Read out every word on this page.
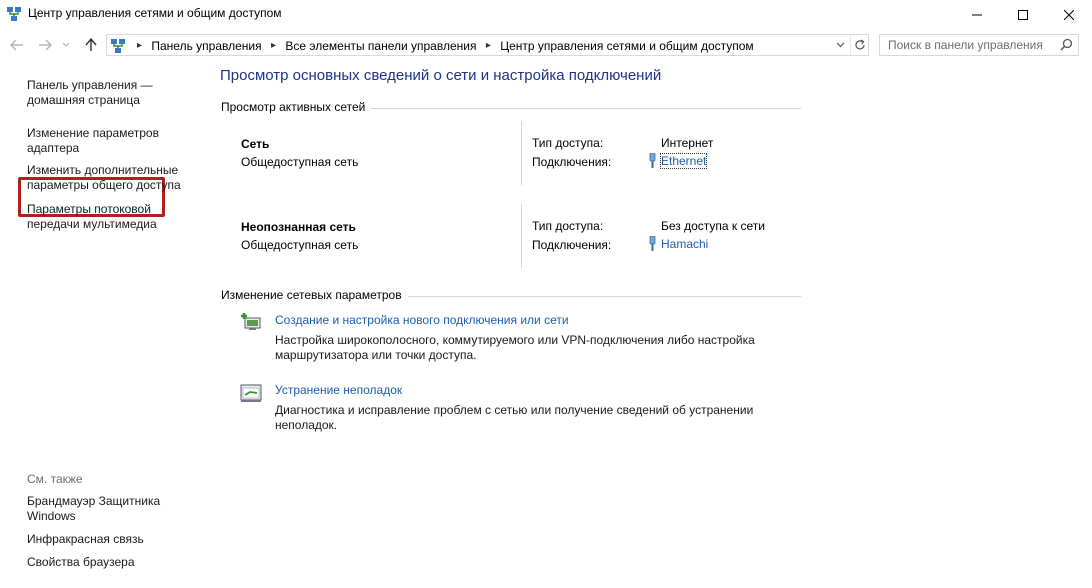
Центр управления сетями и общим доступом
▸ Панель управления ▸ Все элементы панели управления ▸ Центр управления сетями и общим доступом
Поиск в панели управления
Панель управления — домашняя страница
Изменение параметров адаптера
Изменить дополнительные параметры общего доступа
Параметры потоковой передачи мультимедиа
См. также
Брандмауэр Защитника Windows
Инфракрасная связь
Свойства браузера
Просмотр основных сведений о сети и настройка подключений
Просмотр активных сетей
Сеть
Общедоступная сеть
Тип доступа:	Интернет
Подключения:	Ethernet
Неопознанная сеть
Общедоступная сеть
Тип доступа:	Без доступа к сети
Подключения:	Hamachi
Изменение сетевых параметров
Создание и настройка нового подключения или сети
Настройка широкополосного, коммутируемого или VPN-подключения либо настройка маршрутизатора или точки доступа.
Устранение неполадок
Диагностика и исправление проблем с сетью или получение сведений об устранении неполадок.
